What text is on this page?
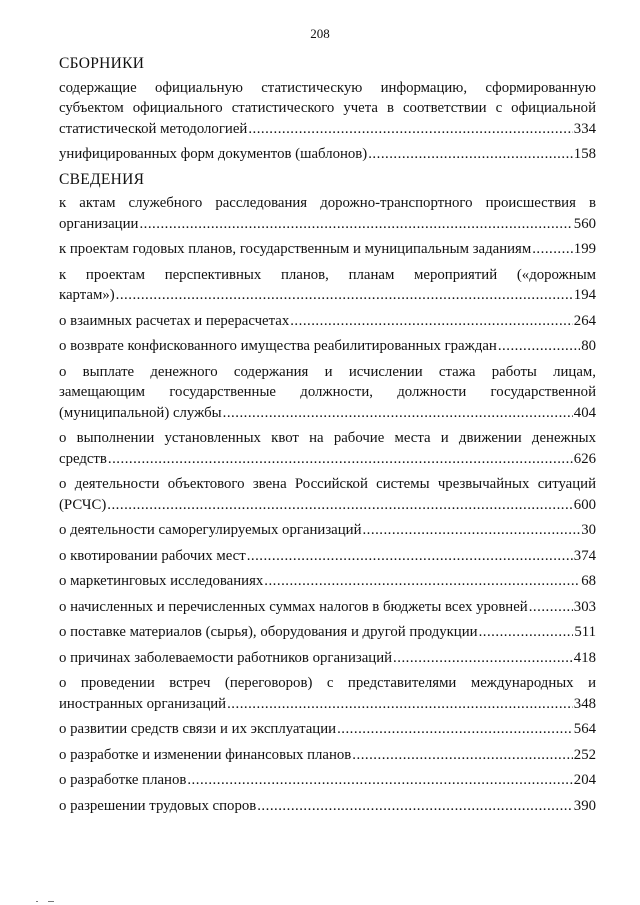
208
СБОРНИКИ
содержащие официальную статистическую информацию, сформированную
субъектом официального статистического учета в соответствии с официальной
статистической методологией .....	334
унифицированных форм документов (шаблонов) .....	158
СВЕДЕНИЯ
к актам служебного расследования дорожно-транспортного происшествия в
организации .....	560
к проектам годовых планов, государственным и муниципальным заданиям .....	199
к проектам перспективных планов, планам мероприятий («дорожным
картам») .....	194
о взаимных расчетах и перерасчетах .....	264
о возврате конфискованного имущества реабилитированных граждан .....	80
о выплате денежного содержания и исчислении стажа работы лицам,
замещающим государственные должности, должности государственной
(муниципальной) службы .....	404
о выполнении установленных квот на рабочие места и движении денежных
средств .....	626
о деятельности объектового звена Российской системы чрезвычайных ситуаций
(РСЧС) .....	600
о деятельности саморегулируемых организаций .....	30
о квотировании рабочих мест .....	374
о маркетинговых исследованиях .....	68
о начисленных и перечисленных суммах налогов в бюджеты всех уровней .....	303
о поставке материалов (сырья), оборудования и другой продукции .....	511
о причинах заболеваемости работников организаций .....	418
о проведении встреч (переговоров) с представителями международных и
иностранных организаций .....	348
о развитии средств связи и их эксплуатации .....	564
о разработке и изменении финансовых планов .....	252
о разработке планов .....	204
о разрешении трудовых споров .....	390
